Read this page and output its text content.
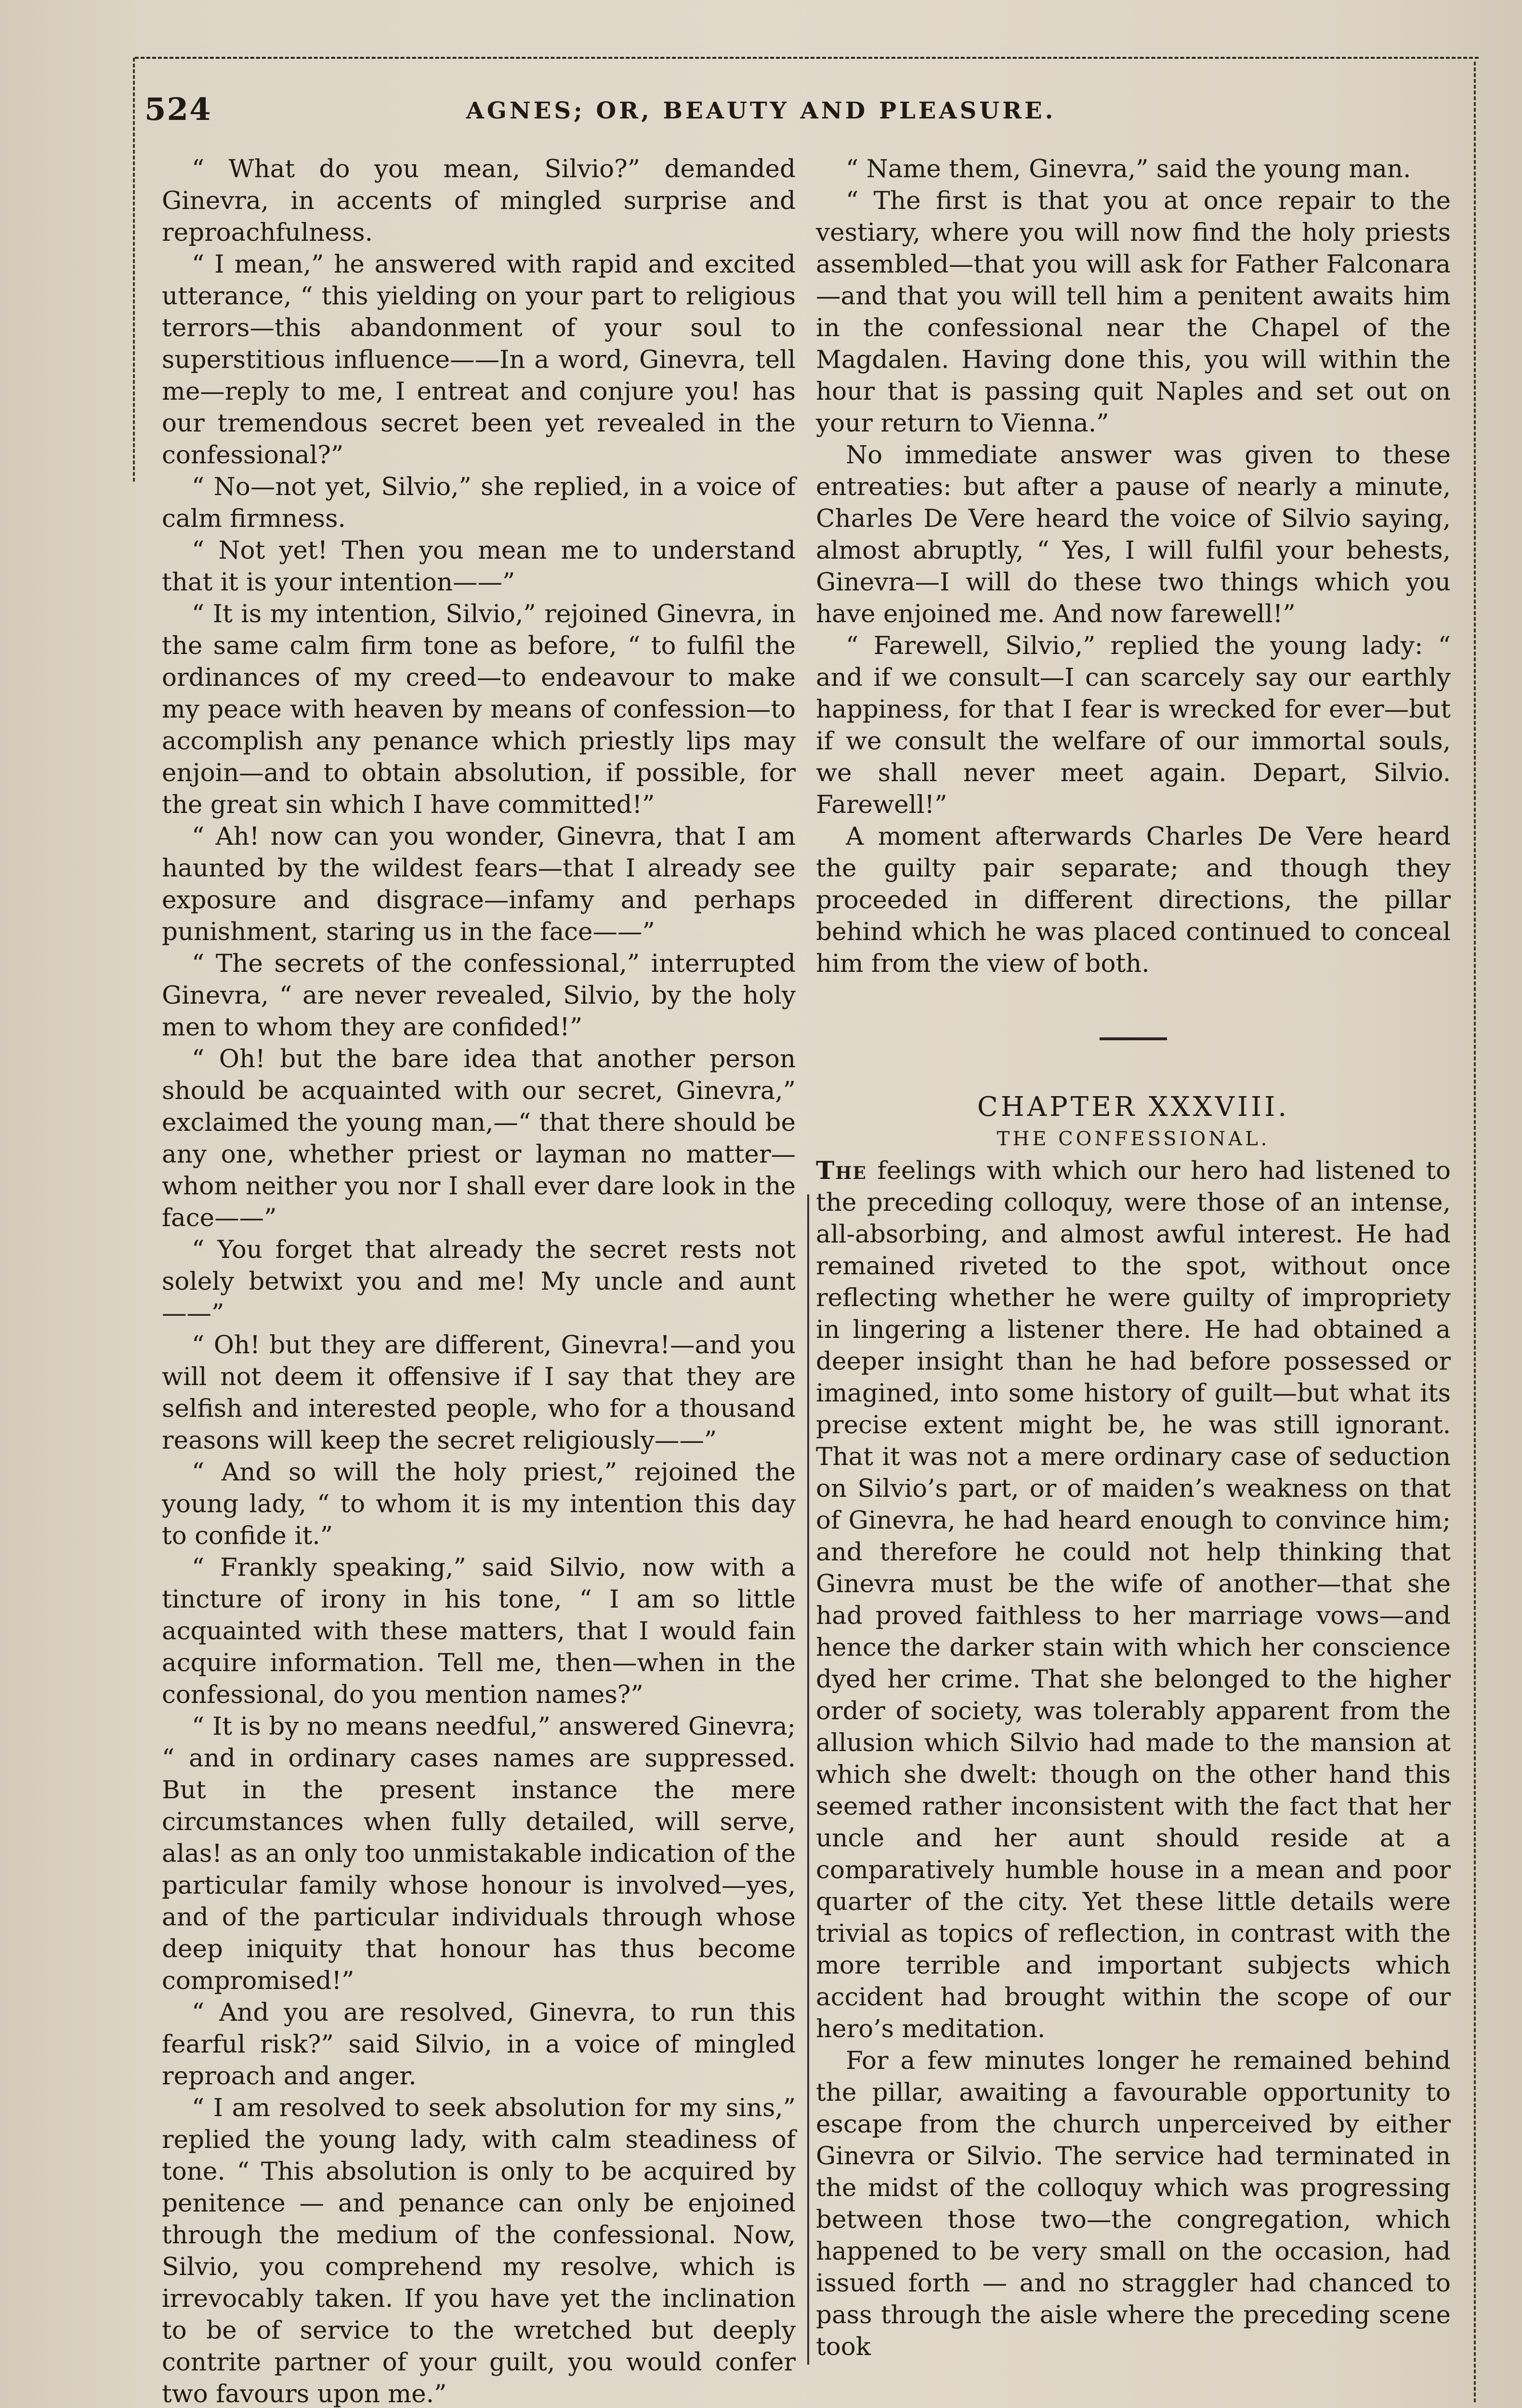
524	AGNES; OR, BEAUTY AND PLEASURE.

“ What do you mean, Silvio?” demanded Ginevra, in accents of mingled surprise and reproachfulness.

“ I mean,” he answered with rapid and excited utterance, “ this yielding on your part to religious terrors—this abandonment of your soul to superstitious influence——In a word, Ginevra, tell me—reply to me, I entreat and conjure you! has our tremendous secret been yet revealed in the confessional?”

“ No—not yet, Silvio,” she replied, in a voice of calm firmness.

“ Not yet! Then you mean me to understand that it is your intention——”

“ It is my intention, Silvio,” rejoined Ginevra, in the same calm firm tone as before, “ to fulfil the ordinances of my creed—to endeavour to make my peace with heaven by means of confession—to accomplish any penance which priestly lips may enjoin—and to obtain absolution, if possible, for the great sin which I have committed!”

“ Ah! now can you wonder, Ginevra, that I am haunted by the wildest fears—that I already see exposure and disgrace—infamy and perhaps punishment, staring us in the face——”

“ The secrets of the confessional,” interrupted Ginevra, “ are never revealed, Silvio, by the holy men to whom they are confided!”

“ Oh! but the bare idea that another person should be acquainted with our secret, Ginevra,” exclaimed the young man,—“ that there should be any one, whether priest or layman no matter—whom neither you nor I shall ever dare look in the face——”

“ You forget that already the secret rests not solely betwixt you and me! My uncle and aunt——”

“ Oh! but they are different, Ginevra!—and you will not deem it offensive if I say that they are selfish and interested people, who for a thousand reasons will keep the secret religiously——”

“ And so will the holy priest,” rejoined the young lady, “ to whom it is my intention this day to confide it.”

“ Frankly speaking,” said Silvio, now with a tincture of irony in his tone, “ I am so little acquainted with these matters, that I would fain acquire information. Tell me, then—when in the confessional, do you mention names?”

“ It is by no means needful,” answered Ginevra; “ and in ordinary cases names are suppressed. But in the present instance the mere circumstances when fully detailed, will serve, alas! as an only too unmistakable indication of the particular family whose honour is involved—yes, and of the particular individuals through whose deep iniquity that honour has thus become compromised!”

“ And you are resolved, Ginevra, to run this fearful risk?” said Silvio, in a voice of mingled reproach and anger.

“ I am resolved to seek absolution for my sins,” replied the young lady, with calm steadiness of tone. “ This absolution is only to be acquired by penitence — and penance can only be enjoined through the medium of the confessional. Now, Silvio, you comprehend my resolve, which is irrevocably taken. If you have yet the inclination to be of service to the wretched but deeply contrite partner of your guilt, you would confer two favours upon me.”

“ Name them, Ginevra,” said the young man.

“ The first is that you at once repair to the vestiary, where you will now find the holy priests assembled—that you will ask for Father Falconara—and that you will tell him a penitent awaits him in the confessional near the Chapel of the Magdalen. Having done this, you will within the hour that is passing quit Naples and set out on your return to Vienna.”

No immediate answer was given to these entreaties: but after a pause of nearly a minute, Charles De Vere heard the voice of Silvio saying, almost abruptly, “ Yes, I will fulfil your behests, Ginevra—I will do these two things which you have enjoined me. And now farewell!”

“ Farewell, Silvio,” replied the young lady: “ and if we consult—I can scarcely say our earthly happiness, for that I fear is wrecked for ever—but if we consult the welfare of our immortal souls, we shall never meet again. Depart, Silvio. Farewell!”

A moment afterwards Charles De Vere heard the guilty pair separate; and though they proceeded in different directions, the pillar behind which he was placed continued to conceal him from the view of both.

CHAPTER XXXVIII.

THE CONFESSIONAL.

The feelings with which our hero had listened to the preceding colloquy, were those of an intense, all-absorbing, and almost awful interest. He had remained riveted to the spot, without once reflecting whether he were guilty of impropriety in lingering a listener there. He had obtained a deeper insight than he had before possessed or imagined, into some history of guilt—but what its precise extent might be, he was still ignorant. That it was not a mere ordinary case of seduction on Silvio’s part, or of maiden’s weakness on that of Ginevra, he had heard enough to convince him; and therefore he could not help thinking that Ginevra must be the wife of another—that she had proved faithless to her marriage vows—and hence the darker stain with which her conscience dyed her crime. That she belonged to the higher order of society, was tolerably apparent from the allusion which Silvio had made to the mansion at which she dwelt: though on the other hand this seemed rather inconsistent with the fact that her uncle and her aunt should reside at a comparatively humble house in a mean and poor quarter of the city. Yet these little details were trivial as topics of reflection, in contrast with the more terrible and important subjects which accident had brought within the scope of our hero’s meditation.

For a few minutes longer he remained behind the pillar, awaiting a favourable opportunity to escape from the church unperceived by either Ginevra or Silvio. The service had terminated in the midst of the colloquy which was progressing between those two—the congregation, which happened to be very small on the occasion, had issued forth — and no straggler had chanced to pass through the aisle where the preceding scene took
